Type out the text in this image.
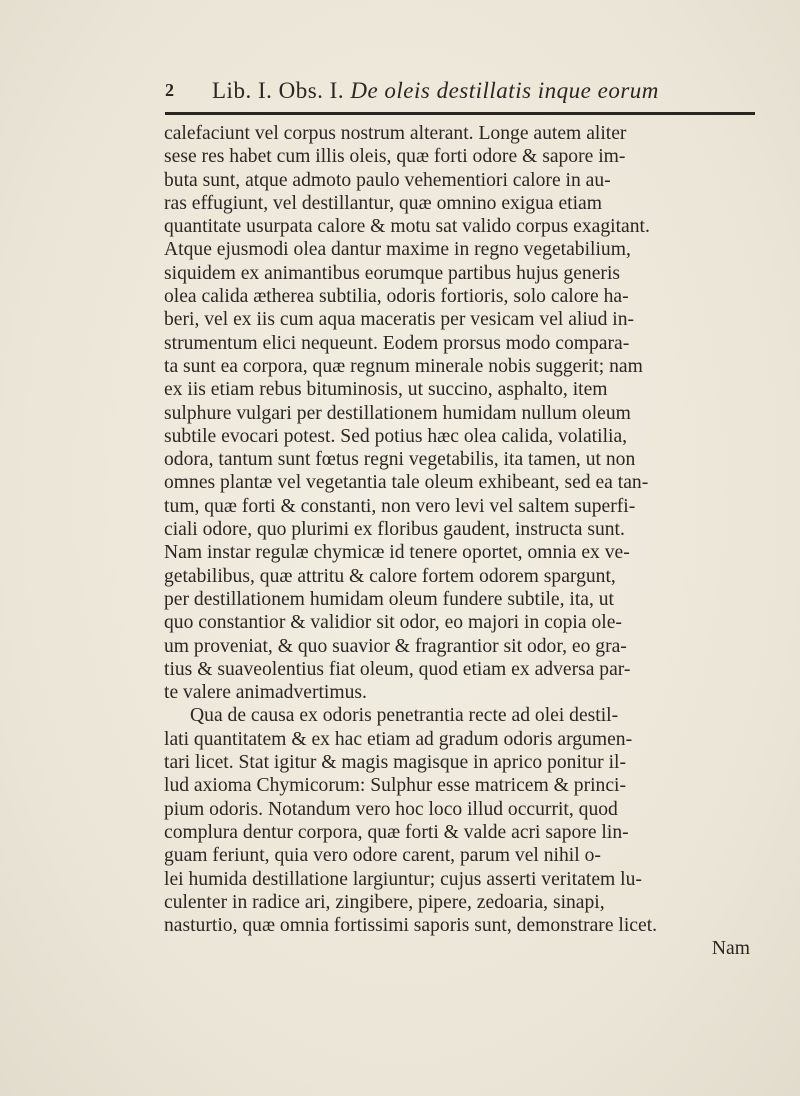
2 Lib. I. Obs. I. De oleis destillatis inque eorum
calefaciunt vel corpus nostrum alterant. Longe autem aliter
sese res habet cum illis oleis, quæ forti odore & sapore im-
buta sunt, atque admoto paulo vehementiori calore in au-
ras effugiunt, vel destillantur, quæ omnino exigua etiam
quantitate usurpata calore & motu sat valido corpus exagitant.
Atque ejusmodi olea dantur maxime in regno vegetabilium,
siquidem ex animantibus eorumque partibus hujus generis
olea calida ætherea subtilia, odoris fortioris, solo calore ha-
beri, vel ex iis cum aqua maceratis per vesicam vel aliud in-
strumentum elici nequeunt. Eodem prorsus modo compara-
ta sunt ea corpora, quæ regnum minerale nobis suggerit; nam
ex iis etiam rebus bituminosis, ut succino, asphalto, item
sulphure vulgari per destillationem humidam nullum oleum
subtile evocari potest. Sed potius hæc olea calida, volatilia,
odora, tantum sunt fœtus regni vegetabilis, ita tamen, ut non
omnes plantæ vel vegetantia tale oleum exhibeant, sed ea tan-
tum, quæ forti & constanti, non vero levi vel saltem superfi-
ciali odore, quo plurimi ex floribus gaudent, instructa sunt.
Nam instar regulæ chymicæ id tenere oportet, omnia ex ve-
getabilibus, quæ attritu & calore fortem odorem spargunt,
per destillationem humidam oleum fundere subtile, ita, ut
quo constantior & validior sit odor, eo majori in copia ole-
um proveniat, & quo suavior & fragrantior sit odor, eo gra-
tius & suaveolentius fiat oleum, quod etiam ex adversa par-
te valere animadvertimus.
Qua de causa ex odoris penetrantia recte ad olei destil-
lati quantitatem & ex hac etiam ad gradum odoris argumen-
tari licet. Stat igitur & magis magisque in aprico ponitur il-
lud axioma Chymicorum: Sulphur esse matricem & princi-
pium odoris. Notandum vero hoc loco illud occurrit, quod
complura dentur corpora, quæ forti & valde acri sapore lin-
guam feriunt, quia vero odore carent, parum vel nihil o-
lei humida destillatione largiuntur; cujus asserti veritatem lu-
culenter in radice ari, zingibere, pipere, zedoaria, sinapi,
nasturtio, quæ omnia fortissimi saporis sunt, demonstrare licet.
Nam
